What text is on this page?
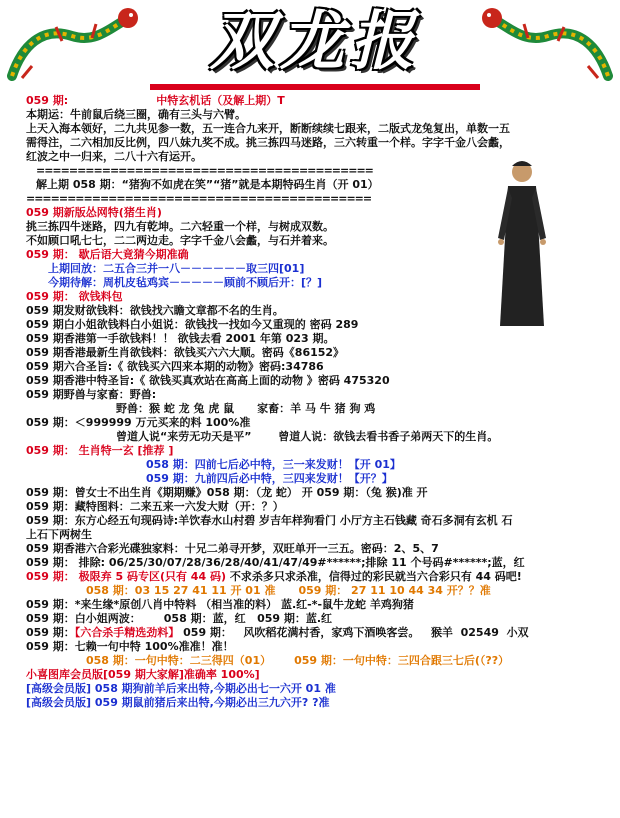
双龙报
059 期:	中特玄机话（及解上期）T
本期运：牛前鼠后绕三圈，确有三头与六臂。
上天入海本领好，二九共见参一数，五一连合九来开，断断续续七跟来，二版式龙兔复出，单数一五
需得注，二六相加反比例，四八妹九奖不成。挑三拣四马迷路，三六转重一个样。字字千金八会蠡，
红波之中一归来，二八十六有运开。
=========================================
解上期 058 期：“猪狗不如虎在笑”“猪”就是本期特码生肖（开 01）
==========================================
059 期新版怂网特(猪生肖)
挑三拣四牛迷路，四九有乾坤。二六轻重一个样，与树成双数。
不如顾口吼七七，二二两边走。字字千金八会蠡，与石并着来。
059 期： 歇后语大竟猜今期准确
上期回放：二五合三并一八－－－－－－取三四[01]
今期待解：周机皮毡鸡宾－－－－－顾前不顾后开：[？]
059 期： 欲钱料包
059 期发财欲钱料：欲钱找六瞻文章都不名的生肖。
059 期白小姐欲钱料白小姐说：欲钱找一找如今又重现的 密码 289
059 期香港第一手欲钱料！！ 欲钱去看 2001 年第 023 期。
059 期香港最新生肖欲钱料：欲钱买六六大顺。密码《86152》
059 期六合圣旨:《 欲钱买六四来本期的动物》密码:34786
059 期香港中特圣旨:《 欲钱买真欢站在高高上面的动物 》密码 475320
059 期野兽与家畜：野兽:
野兽：猴 蛇 龙 兔 虎 鼠 家畜：羊 马 牛 猪 狗 鸡
059 期：＜999999 万元买来的料 100%准
曾道人说“来劳无功天是平” 曾道人说：欲钱去看书香子弟两天下的生肖。
059 期： 生肖特一玄 [推荐 ]
058 期：四前七后必中特，三一来发财！【开 01】
059 期：九前四后必中特，三四来发财！【开？】
059 期：曾女士不出生肖《期期赚》058 期：（龙 蛇） 开 059 期：（兔 猴)准 开
059 期：藏特图料：二来五来一六发大财（开：？）
059 期：东方心经五句现码诗:羊饮春水山村碧 岁吉年样狗看门 小厅方主石钱藏 奇石多洞有玄机 石
上石下两树生
059 期香港六合彩光碟独家料：十兄二弟寻开梦，双旺单开一三五。密码：2、5、7
059 期： 排除: 06/25/30/07/28/36/28/40/41/47/49#******;排除 11 个号码#******;蓝，红
059 期： 极限弃 5 码专区(只有 44 码) 不求杀多只求杀准，信得过的彩民就当六合彩只有 44 码吧!
058 期：03 15 27 41 11 开 01 准 059 期： 27 11 10 44 34 开？？准
059 期：*来生缘*原创八肖中特料 （相当准的料） 蓝.红-*-鼠牛龙蛇 羊鸡狗猪
059 期：白小姐两波： 058 期：蓝，红 059 期：蓝.红
059 期：【六合杀手精选劲料】 059 期： 风吹稻花满村香，家鸡下酒唤客尝。 猴羊 02549 小双
059 期：七赖一句中特 100%准准！准！
058 期：一句中特：二三得四（01） 059 期：一句中特：三四合跟三七后(（??）
小喜图库会员版[059 期大家解]准确率 100%]
[高级会员版] 058 期狗前羊后来出特,今期必出七一六开 01 准
[高级会员版] 059 期鼠前猪后来出特,今期必出三九六开? ?准
